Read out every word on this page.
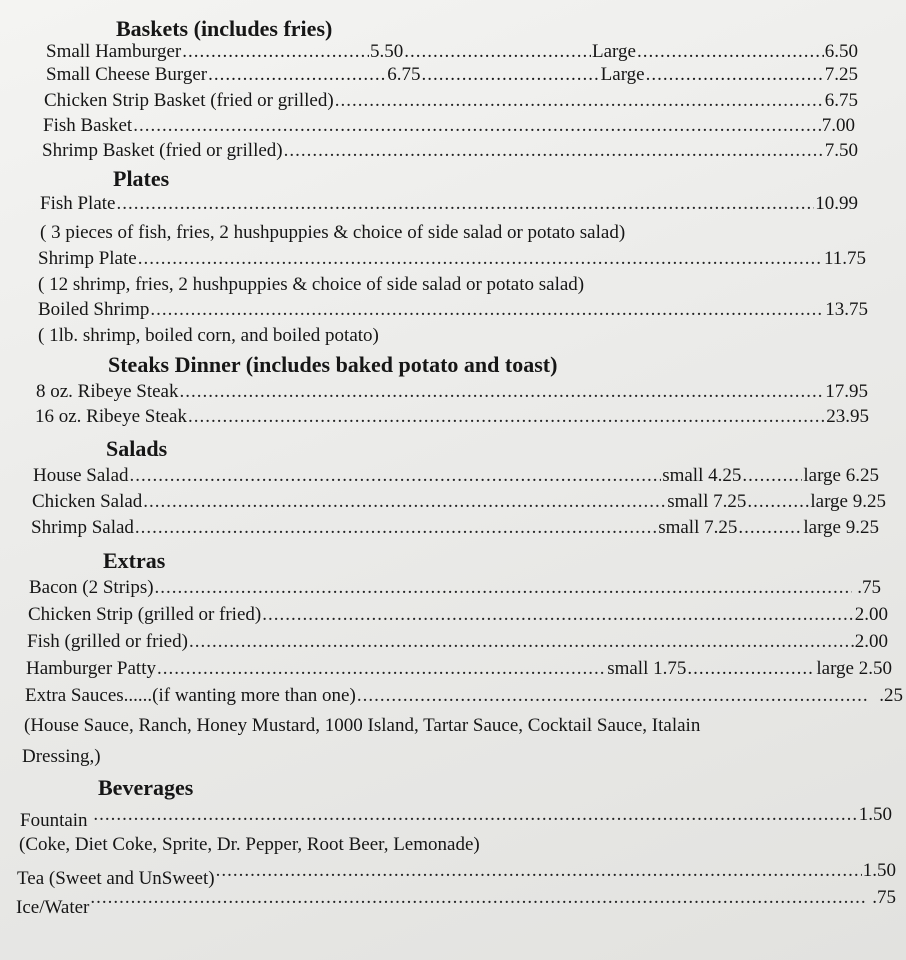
Baskets (includes fries)
Small Hamburger .....	5.50 .....	Large .....	6.50
Small Cheese Burger .....	6.75 .....	Large .....	7.25
Chicken Strip Basket (fried or grilled) .....	6.75
Fish Basket .....	7.00
Shrimp Basket (fried or grilled) .....	7.50
Plates
Fish Plate .....	10.99
( 3 pieces of fish, fries, 2 hushpuppies & choice of side salad or potato salad)
Shrimp Plate .....	11.75
( 12 shrimp, fries, 2 hushpuppies & choice of side salad or potato salad)
Boiled Shrimp .....	13.75
( 1lb. shrimp, boiled corn, and boiled potato)
Steaks Dinner (includes baked potato and toast)
8 oz. Ribeye Steak .....	17.95
16 oz. Ribeye Steak .....	23.95
Salads
House Salad .....	small 4.25 .....	large 6.25
Chicken Salad .....	small 7.25 .....	large 9.25
Shrimp Salad .....	small 7.25 .....	large 9.25
Extras
Bacon (2 Strips) .....	.75
Chicken Strip (grilled or fried) .....	2.00
Fish (grilled or fried) .....	2.00
Hamburger Patty .....	small 1.75 .....	large 2.50
Extra Sauces......(if wanting more than one) .....	.25
(House Sauce, Ranch, Honey Mustard, 1000 Island, Tartar Sauce, Cocktail Sauce, Italain
Dressing,)
Beverages
Fountain .....	1.50
(Coke, Diet Coke, Sprite, Dr. Pepper, Root Beer, Lemonade)
Tea (Sweet and UnSweet) .....	1.50
Ice/Water .....	.75
